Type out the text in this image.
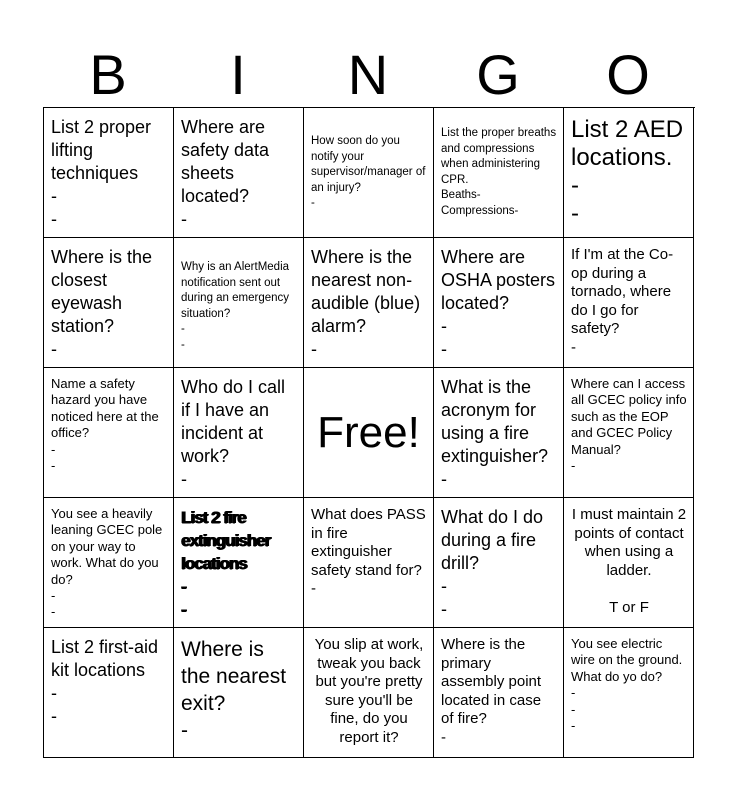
B	I	N	G	O
List 2 proper lifting techniques
-
-
Where are safety data sheets located?
-
How soon do you notify your supervisor/manager of an injury?
-
List the proper breaths and compressions when administering CPR.
Beaths-
Compressions-
List 2 AED locations.
-
-
Where is the closest eyewash station?
-
Why is an AlertMedia notification sent out during an emergency situation?
-
-
Where is the nearest non-audible (blue) alarm?
-
Where are OSHA posters located?
-
-
If I'm at the Co-op during a tornado, where do I go for safety?
-
Name a safety hazard you have noticed here at the office?
-
-
Who do I call if I have an incident at work?
-
Free!
What is the acronym for using a fire extinguisher?
-
Where can I access all GCEC policy info such as the EOP and GCEC Policy Manual?
-
You see a heavily leaning GCEC pole on your way to work. What do you do?
-
-
List 2 fire extinguisher locations
-
-
What does PASS in fire extinguisher safety stand for?
-
What do I do during a fire drill?
-
-
I must maintain 2 points of contact when using a ladder.

T or F
List 2 first-aid kit locations
-
-
Where is the nearest exit?
-
You slip at work, tweak you back but you're pretty sure you'll be fine, do you report it?
Where is the primary assembly point located in case of fire?
-
You see electric wire on the ground. What do yo do?
-
-
-
